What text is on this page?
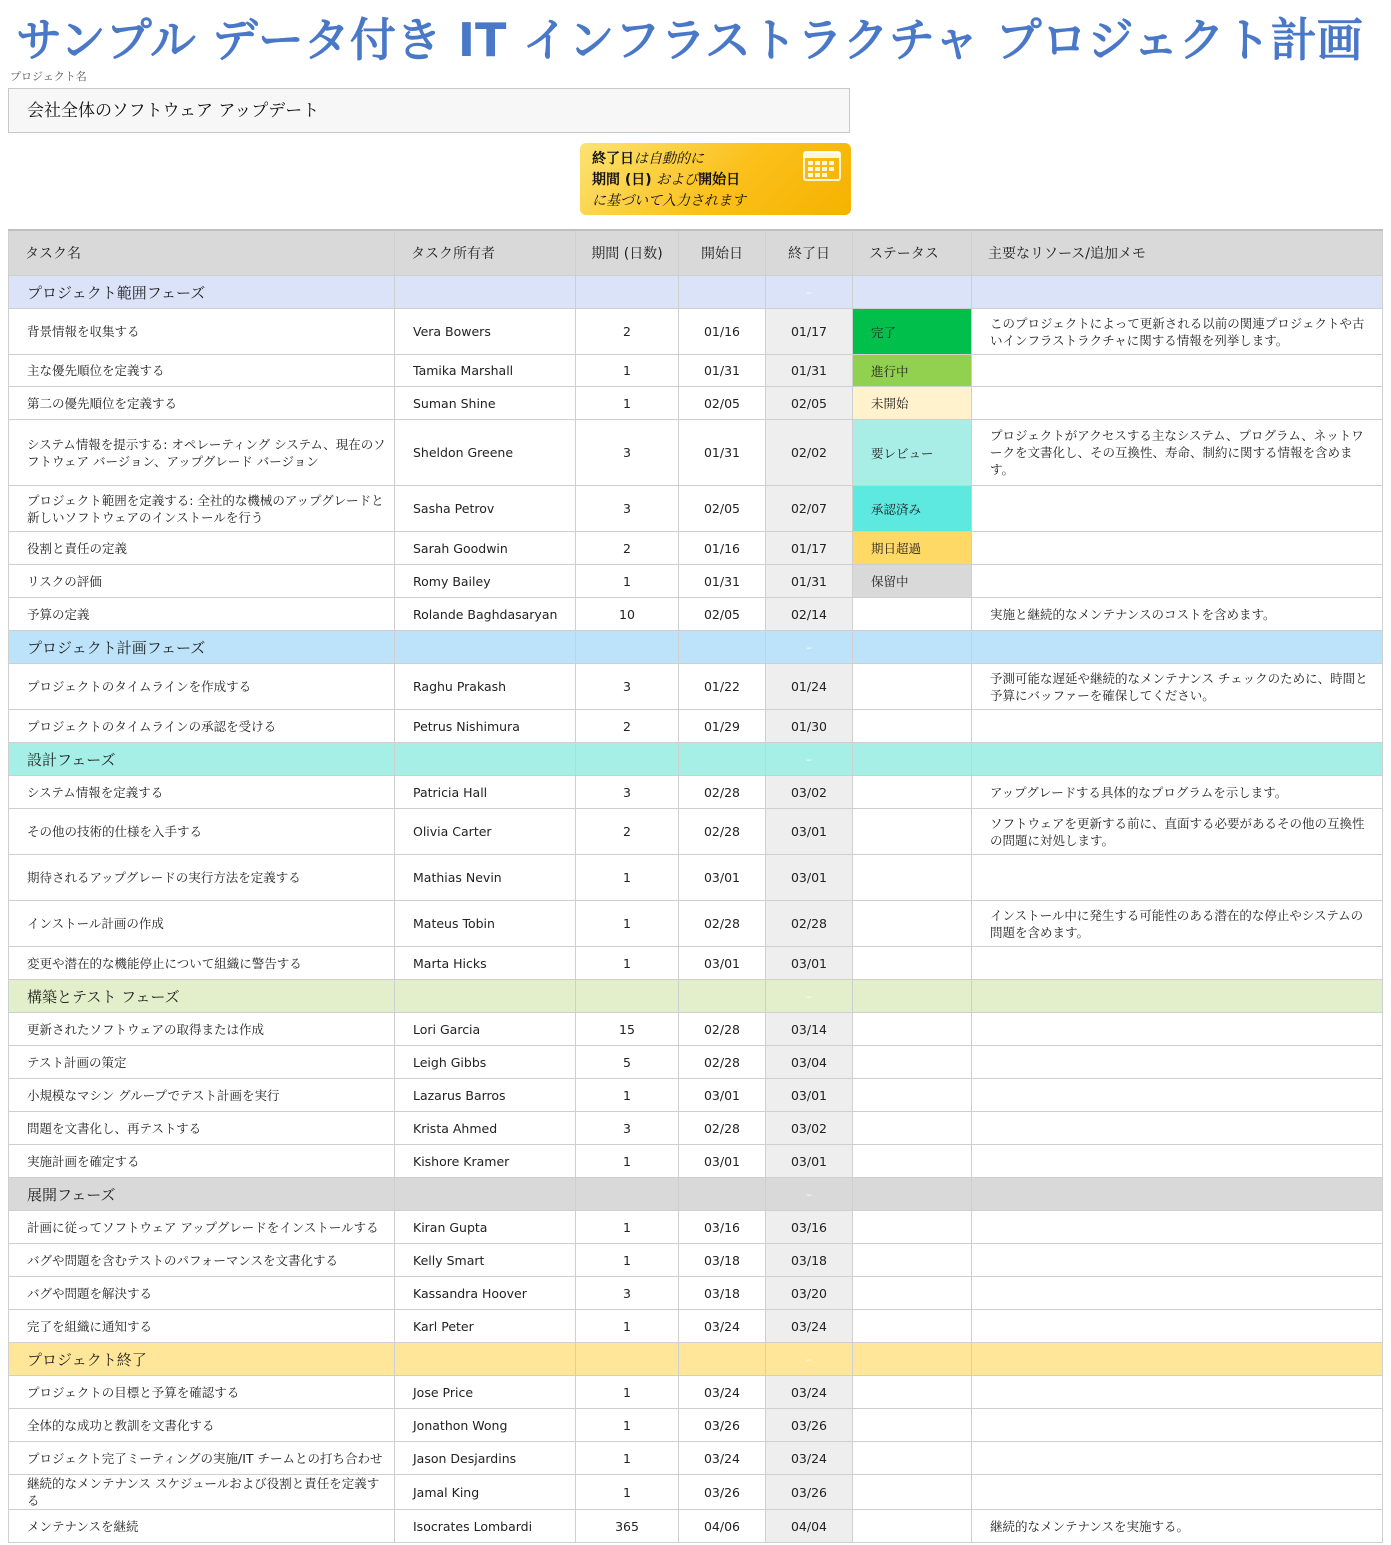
サンプル データ付き IT インフラストラクチャ プロジェクト計画
プロジェクト名
会社全体のソフトウェア アップデート
終了日は自動的に
期間 (日) および開始日
に基づいて入力されます
タスク名	タスク所有者	期間 (日数)	開始日	終了日	ステータス	主要なリソース/追加メモ

プロジェクト範囲フェーズ				–		
背景情報を収集する	Vera Bowers	2	01/16	01/17	完了	このプロジェクトによって更新される以前の関連プロジェクトや古いインフラストラクチャに関する情報を列挙します。
主な優先順位を定義する	Tamika Marshall	1	01/31	01/31	進行中	
第二の優先順位を定義する	Suman Shine	1	02/05	02/05	未開始	
システム情報を提示する: オペレーティング システム、現在のソフトウェア バージョン、アップグレード バージョン	Sheldon Greene	3	01/31	02/02	要レビュー	プロジェクトがアクセスする主なシステム、プログラム、ネットワークを文書化し、その互換性、寿命、制約に関する情報を含めます。
プロジェクト範囲を定義する: 全社的な機械のアップグレードと新しいソフトウェアのインストールを行う	Sasha Petrov	3	02/05	02/07	承認済み	
役割と責任の定義	Sarah Goodwin	2	01/16	01/17	期日超過	
リスクの評価	Romy Bailey	1	01/31	01/31	保留中	
予算の定義	Rolande Baghdasaryan	10	02/05	02/14		実施と継続的なメンテナンスのコストを含めます。
プロジェクト計画フェーズ				–		
プロジェクトのタイムラインを作成する	Raghu Prakash	3	01/22	01/24		予測可能な遅延や継続的なメンテナンス チェックのために、時間と予算にバッファーを確保してください。
プロジェクトのタイムラインの承認を受ける	Petrus Nishimura	2	01/29	01/30		
設計フェーズ				–		
システム情報を定義する	Patricia Hall	3	02/28	03/02		アップグレードする具体的なプログラムを示します。
その他の技術的仕様を入手する	Olivia Carter	2	02/28	03/01		ソフトウェアを更新する前に、直面する必要があるその他の互換性の問題に対処します。
期待されるアップグレードの実行方法を定義する	Mathias Nevin	1	03/01	03/01		
インストール計画の作成	Mateus Tobin	1	02/28	02/28		インストール中に発生する可能性のある潜在的な停止やシステムの問題を含めます。
変更や潜在的な機能停止について組織に警告する	Marta Hicks	1	03/01	03/01		
構築とテスト フェーズ				–		
更新されたソフトウェアの取得または作成	Lori Garcia	15	02/28	03/14		
テスト計画の策定	Leigh Gibbs	5	02/28	03/04		
小規模なマシン グループでテスト計画を実行	Lazarus Barros	1	03/01	03/01		
問題を文書化し、再テストする	Krista Ahmed	3	02/28	03/02		
実施計画を確定する	Kishore Kramer	1	03/01	03/01		
展開フェーズ				–		
計画に従ってソフトウェア アップグレードをインストールする	Kiran Gupta	1	03/16	03/16		
バグや問題を含むテストのパフォーマンスを文書化する	Kelly Smart	1	03/18	03/18		
バグや問題を解決する	Kassandra Hoover	3	03/18	03/20		
完了を組織に通知する	Karl Peter	1	03/24	03/24		
プロジェクト終了				–		
プロジェクトの目標と予算を確認する	Jose Price	1	03/24	03/24		
全体的な成功と教訓を文書化する	Jonathon Wong	1	03/26	03/26		
プロジェクト完了ミーティングの実施/IT チームとの打ち合わせ	Jason Desjardins	1	03/24	03/24		
継続的なメンテナンス スケジュールおよび役割と責任を定義する	Jamal King	1	03/26	03/26		
メンテナンスを継続	Isocrates Lombardi	365	04/06	04/04		継続的なメンテナンスを実施する。
